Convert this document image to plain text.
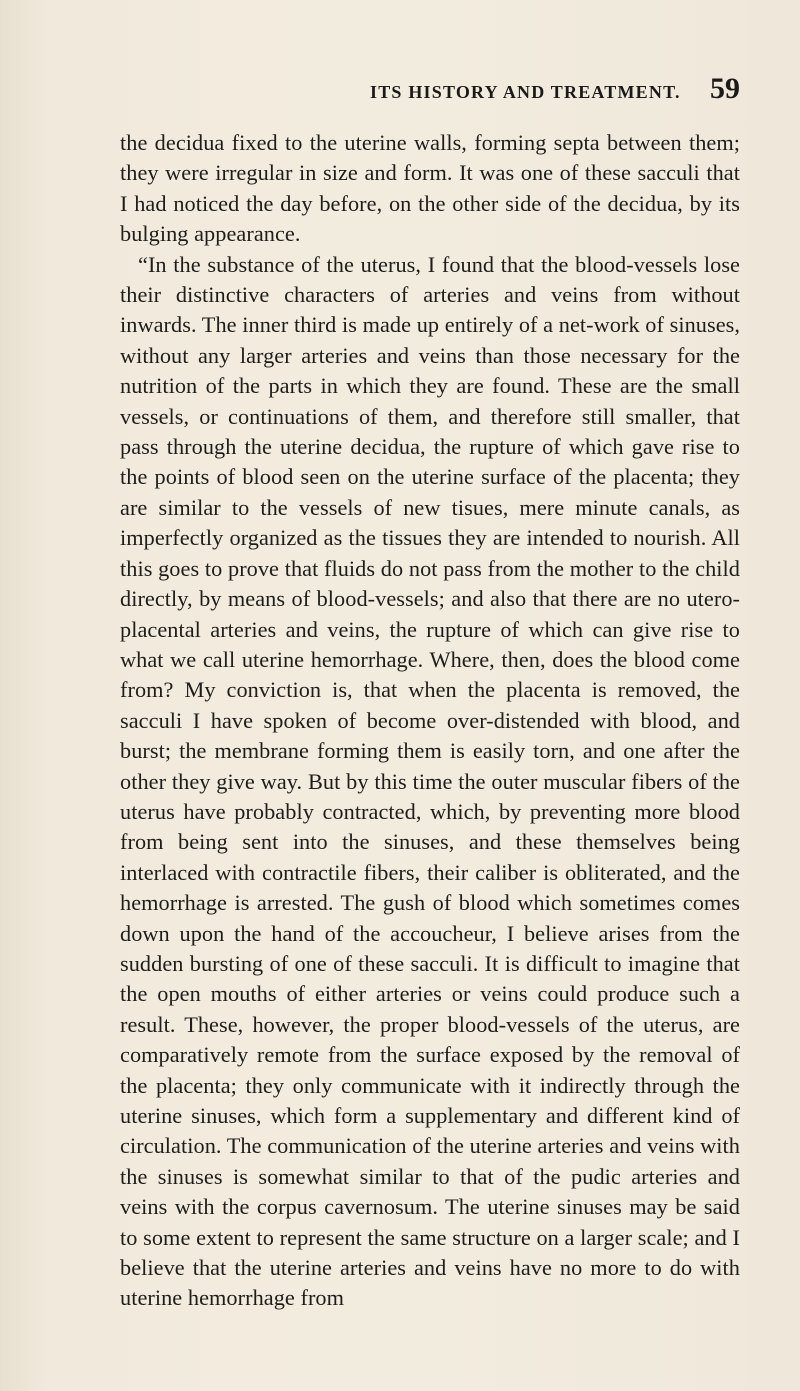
ITS HISTORY AND TREATMENT. 59

the decidua fixed to the uterine walls, forming septa between them; they were irregular in size and form. It was one of these sacculi that I had noticed the day before, on the other side of the decidua, by its bulging appearance.

“In the substance of the uterus, I found that the blood-vessels lose their distinctive characters of arteries and veins from without inwards. The inner third is made up entirely of a net-work of sinuses, without any larger arteries and veins than those necessary for the nutrition of the parts in which they are found. These are the small vessels, or continuations of them, and therefore still smaller, that pass through the uterine decidua, the rupture of which gave rise to the points of blood seen on the uterine surface of the placenta; they are similar to the vessels of new tisues, mere minute canals, as imperfectly organized as the tissues they are intended to nourish. All this goes to prove that fluids do not pass from the mother to the child directly, by means of blood-vessels; and also that there are no utero-placental arteries and veins, the rupture of which can give rise to what we call uterine hemorrhage. Where, then, does the blood come from? My conviction is, that when the placenta is removed, the sacculi I have spoken of become over-distended with blood, and burst; the membrane forming them is easily torn, and one after the other they give way. But by this time the outer muscular fibers of the uterus have probably contracted, which, by preventing more blood from being sent into the sinuses, and these themselves being interlaced with contractile fibers, their caliber is obliterated, and the hemorrhage is arrested. The gush of blood which sometimes comes down upon the hand of the accoucheur, I believe arises from the sudden bursting of one of these sacculi. It is difficult to imagine that the open mouths of either arteries or veins could produce such a result. These, however, the proper blood-vessels of the uterus, are comparatively remote from the surface exposed by the removal of the placenta; they only communicate with it indirectly through the uterine sinuses, which form a supplementary and different kind of circulation. The communication of the uterine arteries and veins with the sinuses is somewhat similar to that of the pudic arteries and veins with the corpus cavernosum. The uterine sinuses may be said to some extent to represent the same structure on a larger scale; and I believe that the uterine arteries and veins have no more to do with uterine hemorrhage from
